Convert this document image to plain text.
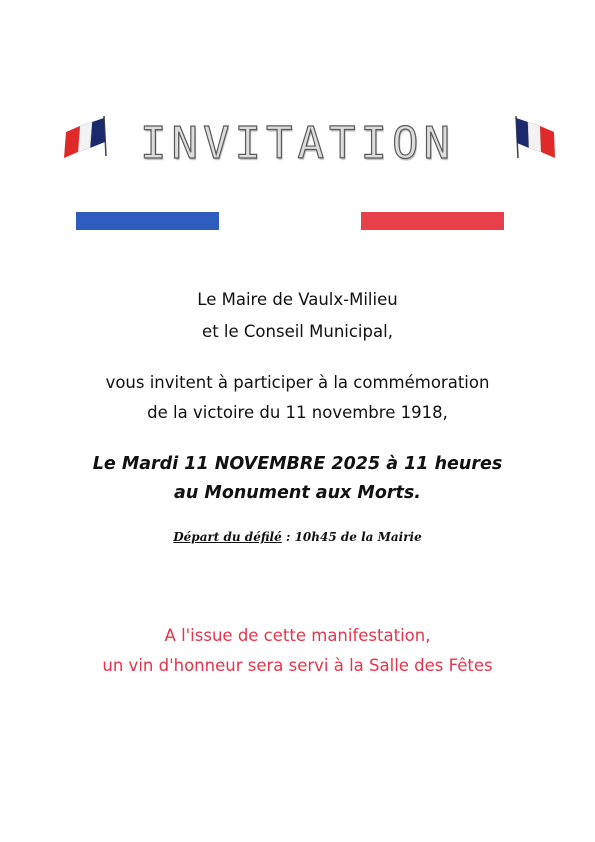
INVITATION
Le Maire de Vaulx-Milieu
et le Conseil Municipal,
vous invitent à participer à la commémoration
de la victoire du 11 novembre 1918,
Le Mardi 11 NOVEMBRE 2025 à 11 heures
au Monument aux Morts.
Départ du défilé : 10h45 de la Mairie
A l'issue de cette manifestation,
un vin d'honneur sera servi à la Salle des Fêtes
